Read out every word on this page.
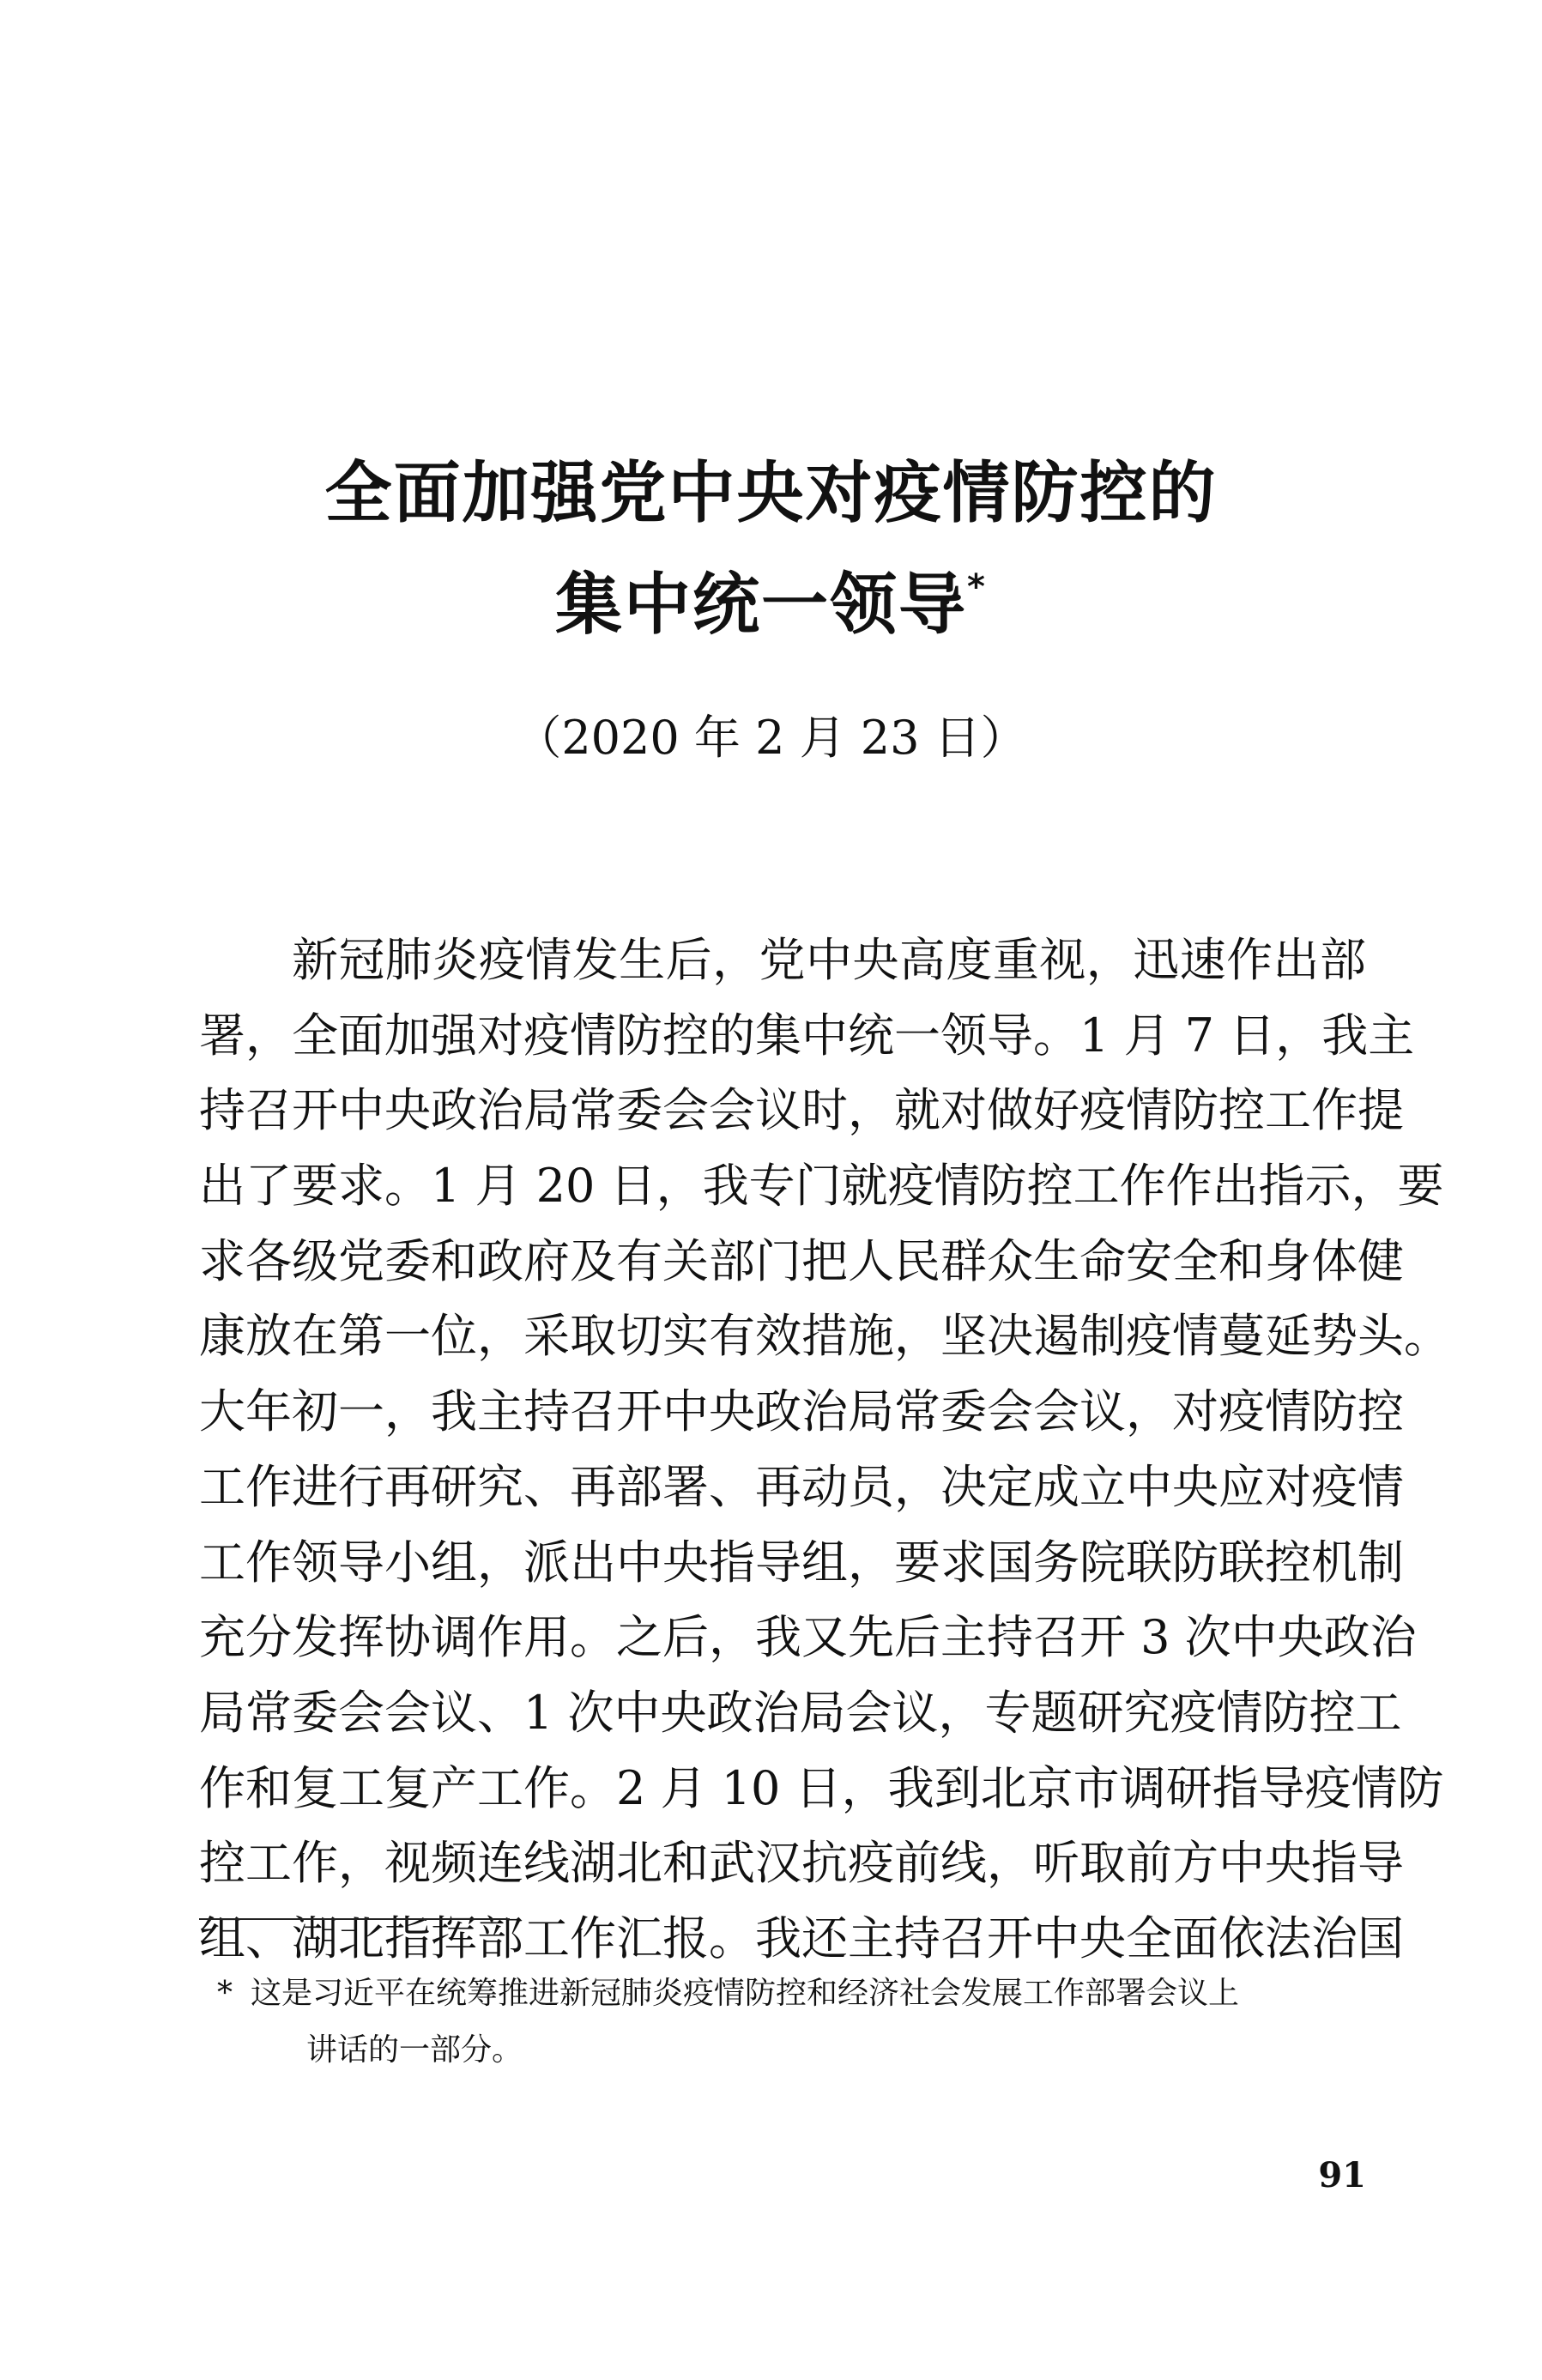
全面加强党中央对疫情防控的
集中统一领导*
（2020 年 2 月 23 日）
新冠肺炎疫情发生后，党中央高度重视，迅速作出部
署，全面加强对疫情防控的集中统一领导。1 月 7 日，我主
持召开中央政治局常委会会议时，就对做好疫情防控工作提
出了要求。1 月 20 日，我专门就疫情防控工作作出指示，要
求各级党委和政府及有关部门把人民群众生命安全和身体健
康放在第一位，采取切实有效措施，坚决遏制疫情蔓延势头。
大年初一，我主持召开中央政治局常委会会议，对疫情防控
工作进行再研究、再部署、再动员，决定成立中央应对疫情
工作领导小组，派出中央指导组，要求国务院联防联控机制
充分发挥协调作用。之后，我又先后主持召开 3 次中央政治
局常委会会议、1 次中央政治局会议，专题研究疫情防控工
作和复工复产工作。2 月 10 日，我到北京市调研指导疫情防
控工作，视频连线湖北和武汉抗疫前线，听取前方中央指导
组、湖北指挥部工作汇报。我还主持召开中央全面依法治国
* 这是习近平在统筹推进新冠肺炎疫情防控和经济社会发展工作部署会议上
讲话的一部分。
91
